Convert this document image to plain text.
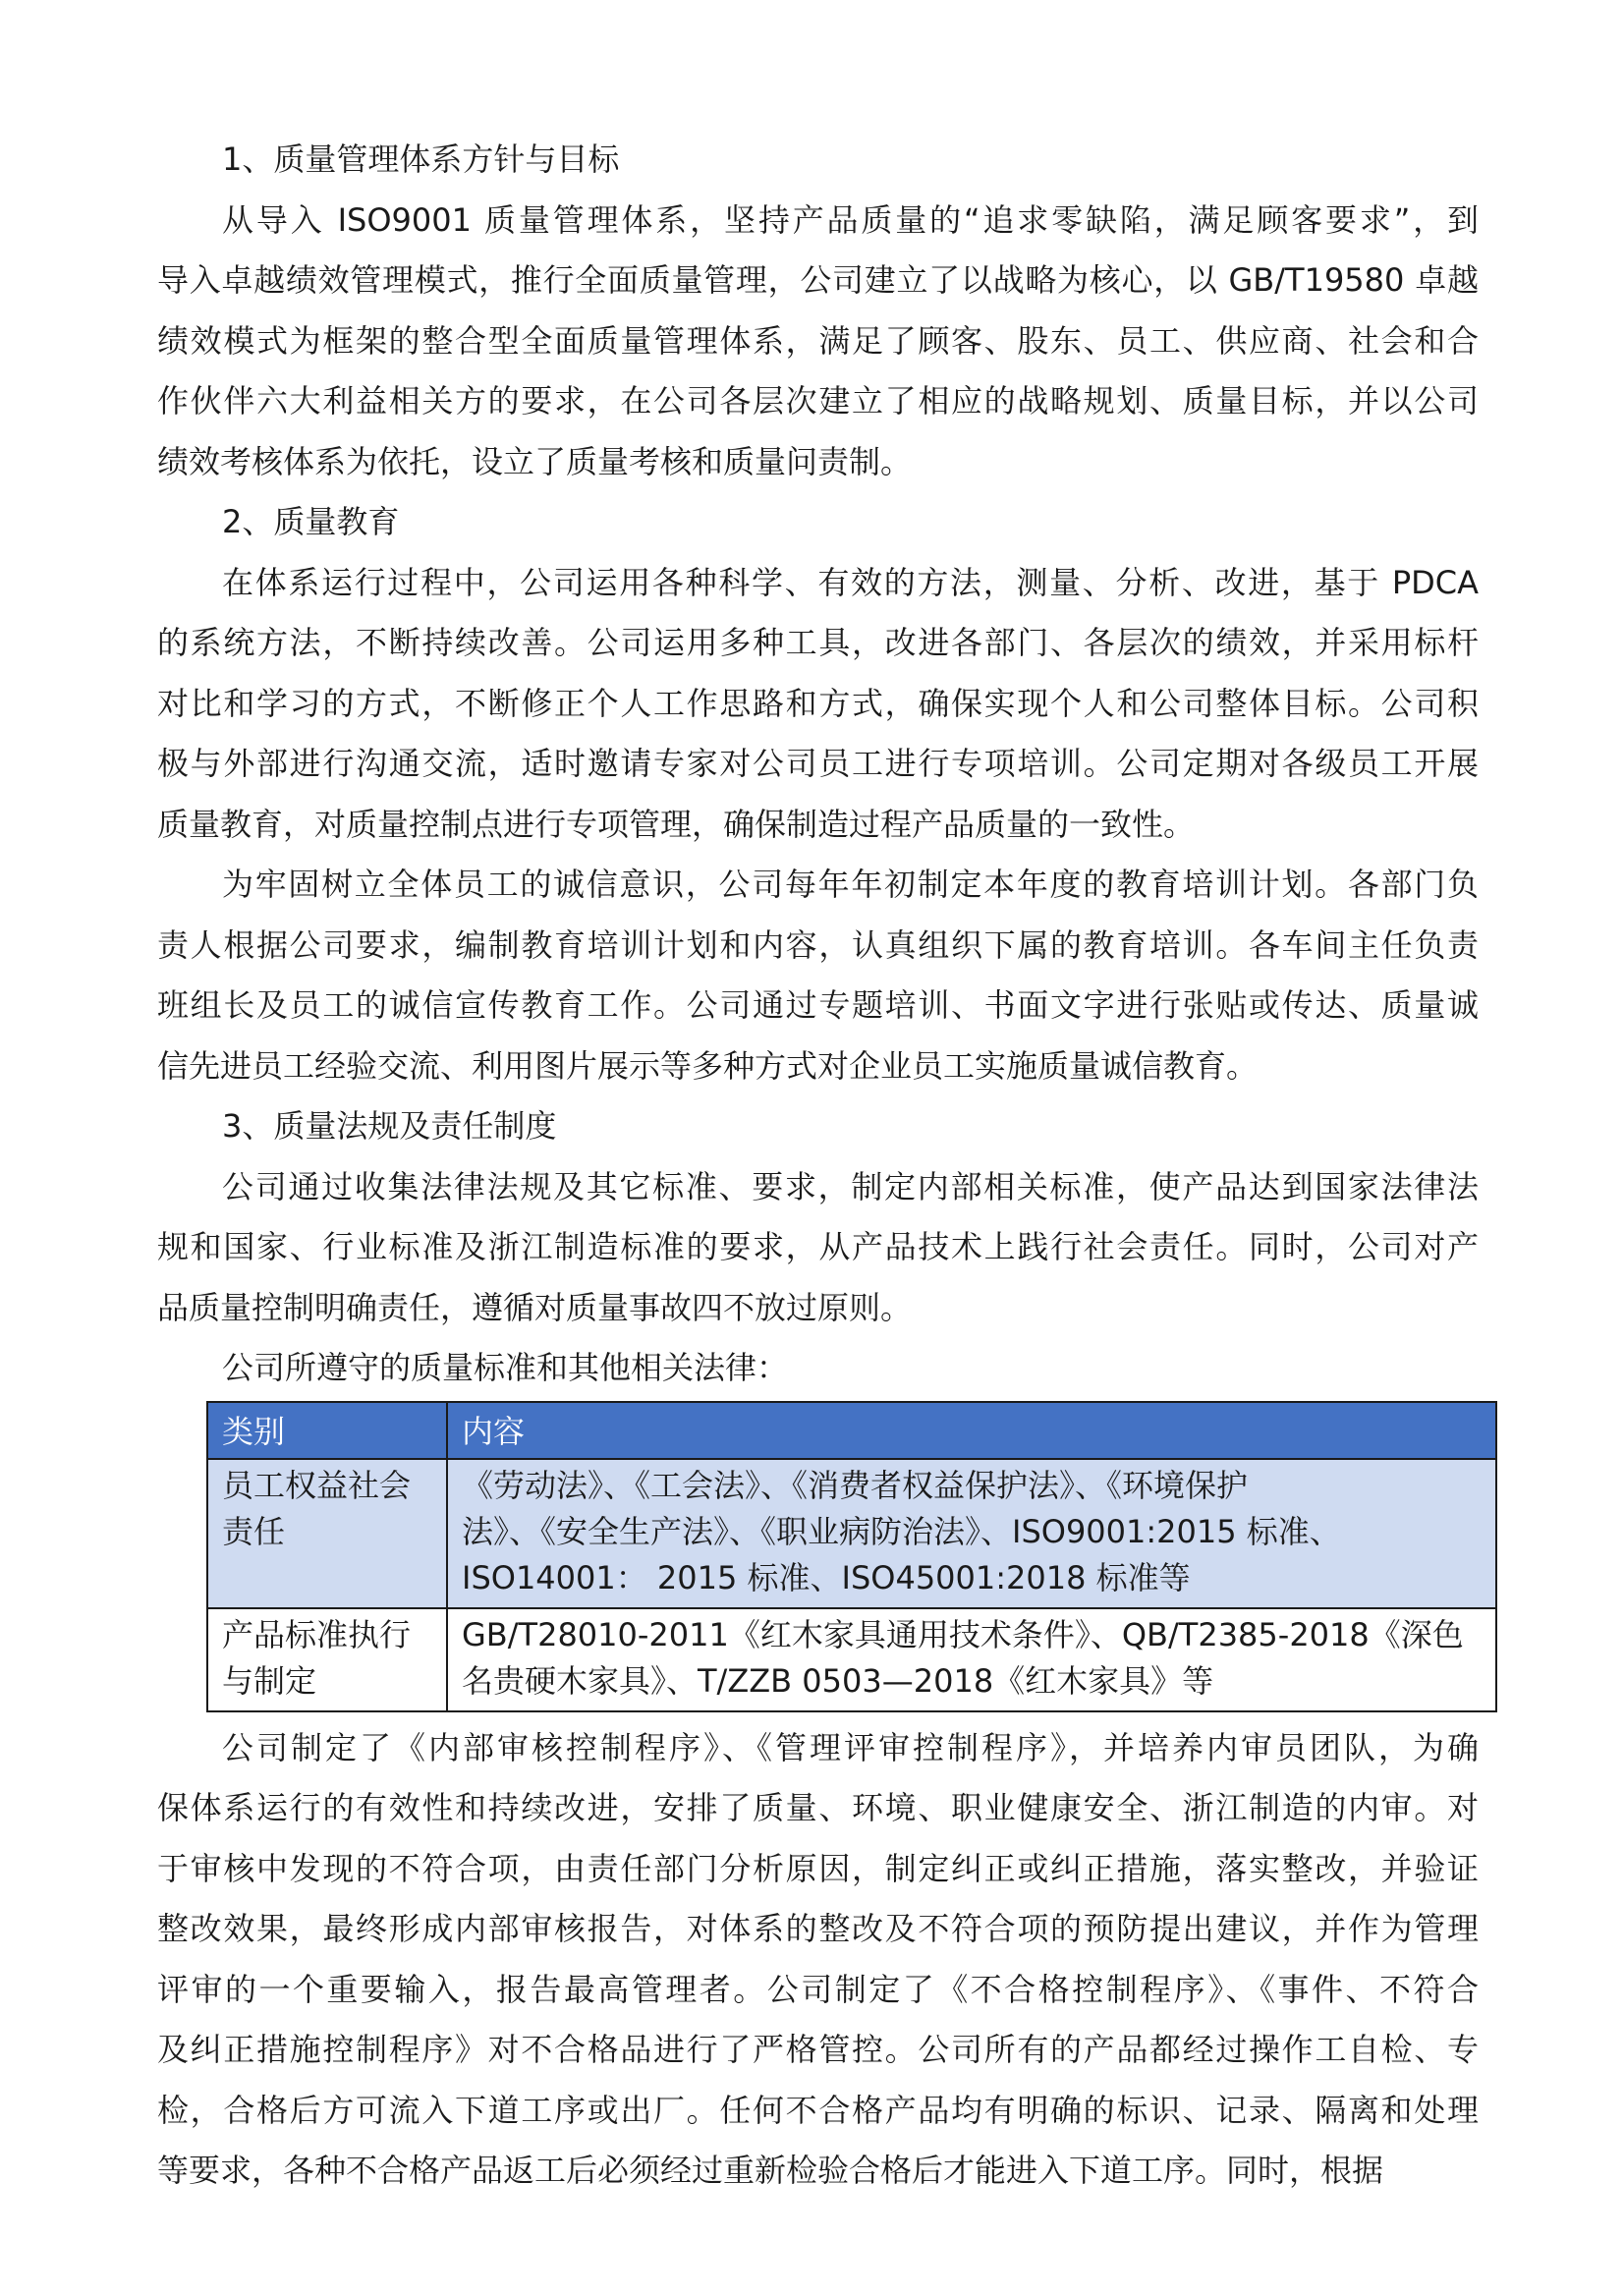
1、质量管理体系方针与目标

从导入 ISO9001 质量管理体系，坚持产品质量的“追求零缺陷，满足顾客要求”，到

导入卓越绩效管理模式，推行全面质量管理，公司建立了以战略为核心，以 GB/T19580 卓越

绩效模式为框架的整合型全面质量管理体系，满足了顾客、股东、员工、供应商、社会和合

作伙伴六大利益相关方的要求，在公司各层次建立了相应的战略规划、质量目标，并以公司

绩效考核体系为依托，设立了质量考核和质量问责制。

2、质量教育

在体系运行过程中，公司运用各种科学、有效的方法，测量、分析、改进，基于 PDCA

的系统方法，不断持续改善。公司运用多种工具，改进各部门、各层次的绩效，并采用标杆

对比和学习的方式，不断修正个人工作思路和方式，确保实现个人和公司整体目标。公司积

极与外部进行沟通交流，适时邀请专家对公司员工进行专项培训。公司定期对各级员工开展

质量教育，对质量控制点进行专项管理，确保制造过程产品质量的一致性。

为牢固树立全体员工的诚信意识，公司每年年初制定本年度的教育培训计划。各部门负

责人根据公司要求，编制教育培训计划和内容，认真组织下属的教育培训。各车间主任负责

班组长及员工的诚信宣传教育工作。公司通过专题培训、书面文字进行张贴或传达、质量诚

信先进员工经验交流、利用图片展示等多种方式对企业员工实施质量诚信教育。

3、质量法规及责任制度

公司通过收集法律法规及其它标准、要求，制定内部相关标准，使产品达到国家法律法

规和国家、行业标准及浙江制造标准的要求，从产品技术上践行社会责任。同时，公司对产

品质量控制明确责任，遵循对质量事故四不放过原则。

公司所遵守的质量标准和其他相关法律：

类别	内容

员工权益社会
责任	《劳动法》、《工会法》、《消费者权益保护法》、《环境保护
法》、《安全生产法》、《职业病防治法》、ISO9001:2015 标准、
ISO14001： 2015 标准、ISO45001:2018 标准等

产品标准执行
与制定	GB/T28010-2011《红木家具通用技术条件》、QB/T2385-2018《深色
名贵硬木家具》、T/ZZB 0503—2018《红木家具》等

公司制定了《内部审核控制程序》、《管理评审控制程序》，并培养内审员团队，为确

保体系运行的有效性和持续改进，安排了质量、环境、职业健康安全、浙江制造的内审。对

于审核中发现的不符合项，由责任部门分析原因，制定纠正或纠正措施，落实整改，并验证

整改效果，最终形成内部审核报告，对体系的整改及不符合项的预防提出建议，并作为管理

评审的一个重要输入，报告最高管理者。公司制定了《不合格控制程序》、《事件、不符合

及纠正措施控制程序》对不合格品进行了严格管控。公司所有的产品都经过操作工自检、专

检，合格后方可流入下道工序或出厂。任何不合格产品均有明确的标识、记录、隔离和处理

等要求，各种不合格产品返工后必须经过重新检验合格后才能进入下道工序。同时，根据
